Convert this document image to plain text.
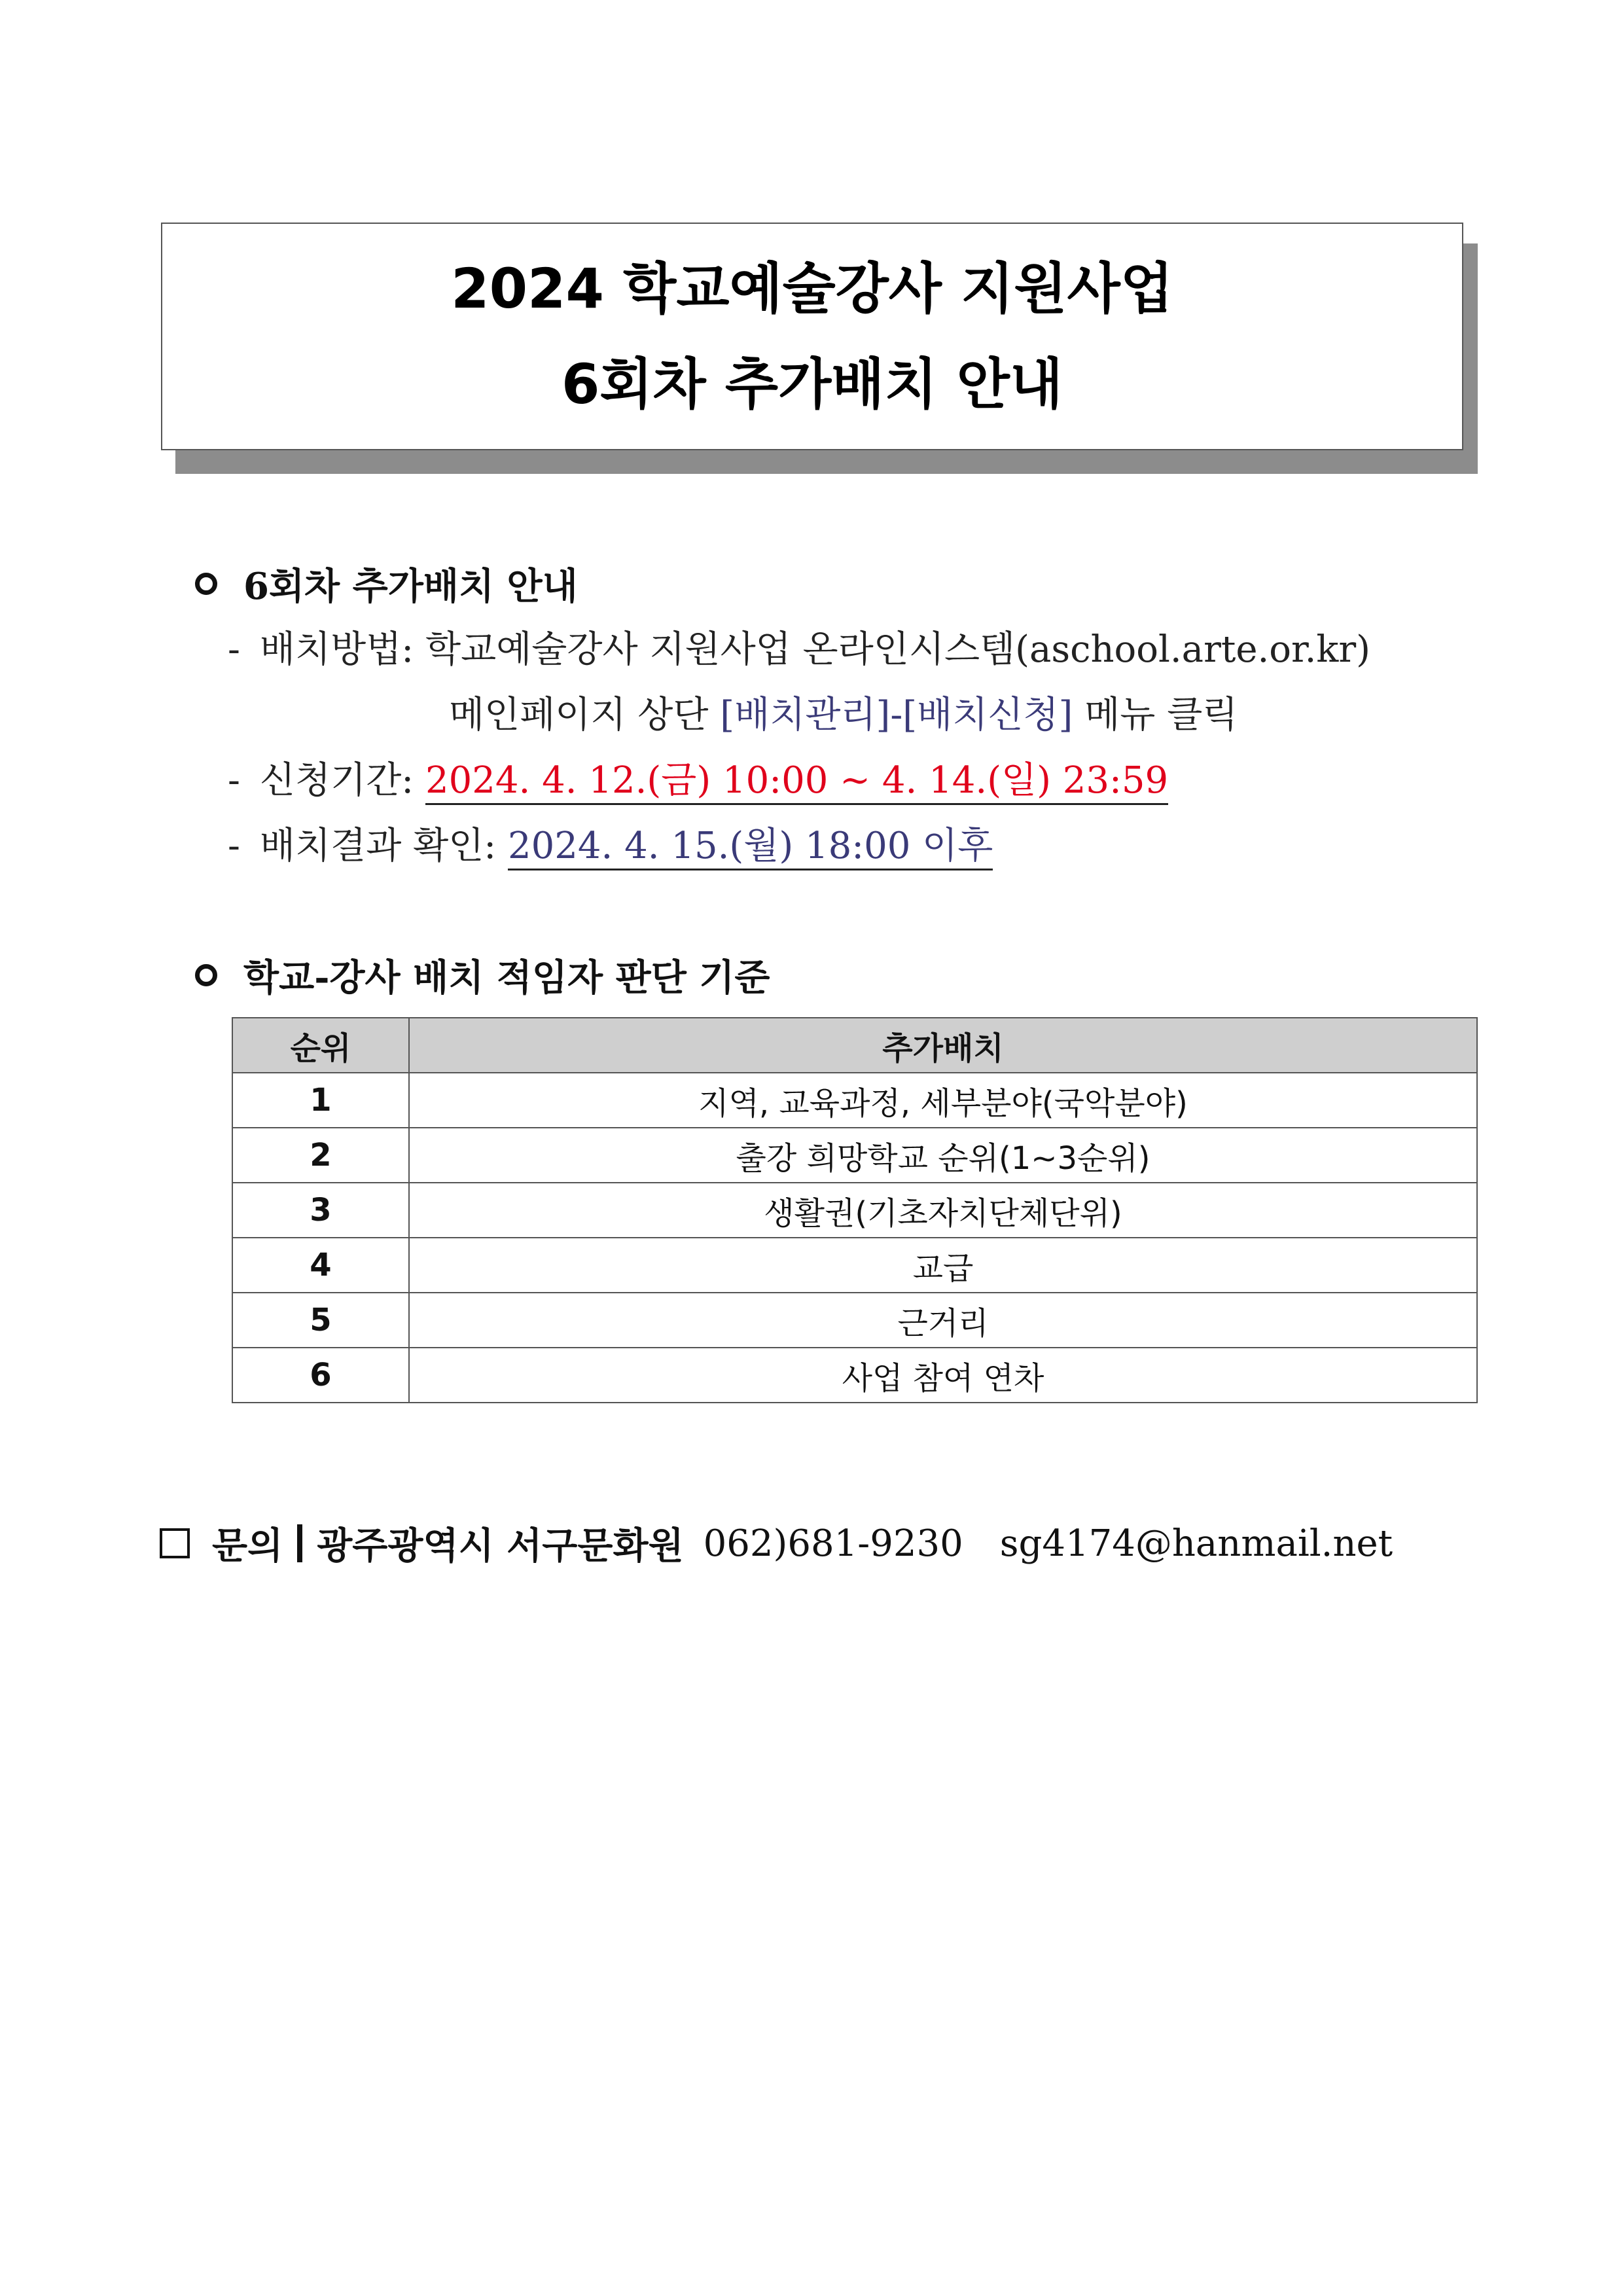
2024 학교예술강사 지원사업
6회차 추가배치 안내
6회차 추가배치 안내
- 배치방법: 학교예술강사 지원사업 온라인시스템(aschool.arte.or.kr)
메인페이지 상단 [배치관리]-[배치신청] 메뉴 클릭
- 신청기간: 2024. 4. 12.(금) 10:00 ~ 4. 14.(일) 23:59
- 배치결과 확인: 2024. 4. 15.(월) 18:00 이후
학교-강사 배치 적임자 판단 기준
순위	추가배치
1	지역, 교육과정, 세부분야(국악분야)
2	출강 희망학교 순위(1~3순위)
3	생활권(기초자치단체단위)
4	교급
5	근거리
6	사업 참여 연차
문의 광주광역시 서구문화원 062)681-9230 sg4174@hanmail.net
